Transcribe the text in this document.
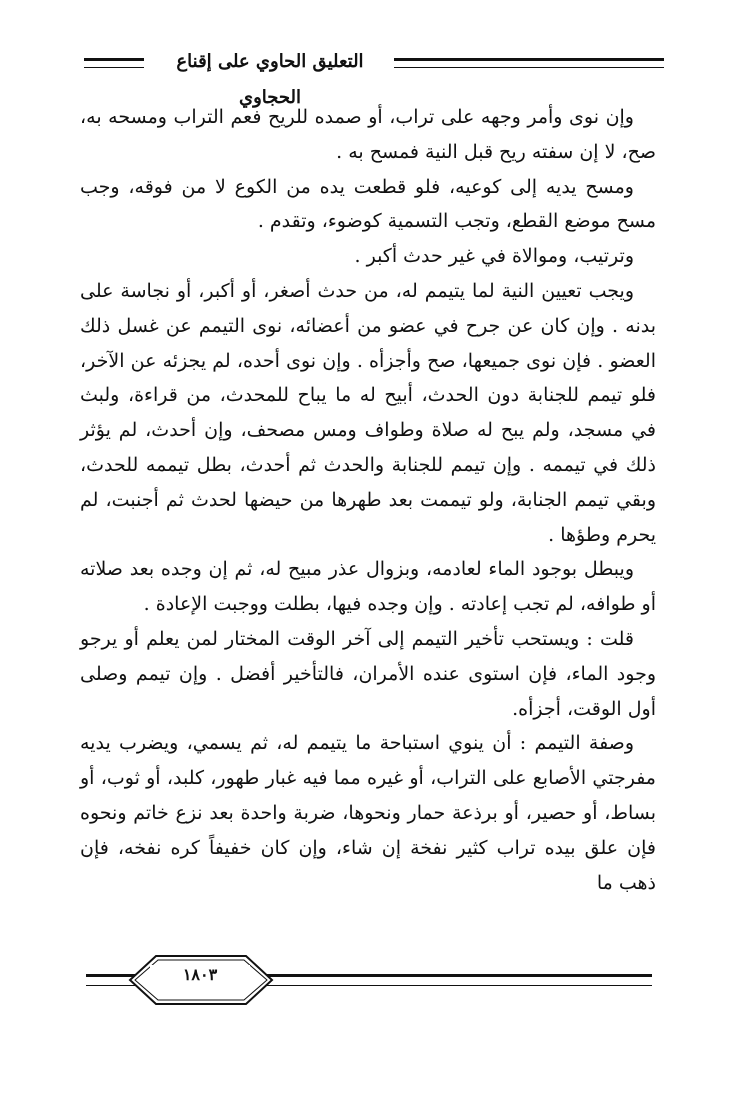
التعليق الحاوي على إقناع الحجاوي

وإن نوى وأمر وجهه على تراب، أو صمده للريح فعم التراب ومسحه به، صح، لا إن سفته ريح قبل النية فمسح به .

ومسح يديه إلى كوعيه، فلو قطعت يده من الكوع لا من فوقه، وجب مسح موضع القطع، وتجب التسمية كوضوء، وتقدم .

وترتيب، وموالاة في غير حدث أكبر .

ويجب تعيين النية لما يتيمم له، من حدث أصغر، أو أكبر، أو نجاسة على بدنه . وإن كان عن جرح في عضو من أعضائه، نوى التيمم عن غسل ذلك العضو . فإن نوى جميعها، صح وأجزأه . وإن نوى أحده، لم يجزئه عن الآخر، فلو تيمم للجنابة دون الحدث، أبيح له ما يباح للمحدث، من قراءة، ولبث في مسجد، ولم يبح له صلاة وطواف ومس مصحف، وإن أحدث، لم يؤثر ذلك في تيممه . وإن تيمم للجنابة والحدث ثم أحدث، بطل تيممه للحدث، وبقي تيمم الجنابة، ولو تيممت بعد طهرها من حيضها لحدث ثم أجنبت، لم يحرم وطؤها .

ويبطل بوجود الماء لعادمه، وبزوال عذر مبيح له، ثم إن وجده بعد صلاته أو طوافه، لم تجب إعادته . وإن وجده فيها، بطلت ووجبت الإعادة .

قلت : ويستحب تأخير التيمم إلى آخر الوقت المختار لمن يعلم أو يرجو وجود الماء، فإن استوى عنده الأمران، فالتأخير أفضل . وإن تيمم وصلى أول الوقت، أجزأه.

وصفة التيمم : أن ينوي استباحة ما يتيمم له، ثم يسمي، ويضرب يديه مفرجتي الأصابع على التراب، أو غيره مما فيه غبار طهور، كلبد، أو ثوب، أو بساط، أو حصير، أو برذعة حمار ونحوها، ضربة واحدة بعد نزع خاتم ونحوه فإن علق بيده تراب كثير نفخة إن شاء، وإن كان خفيفاً كره نفخه، فإن ذهب ما

١٨٠٣
